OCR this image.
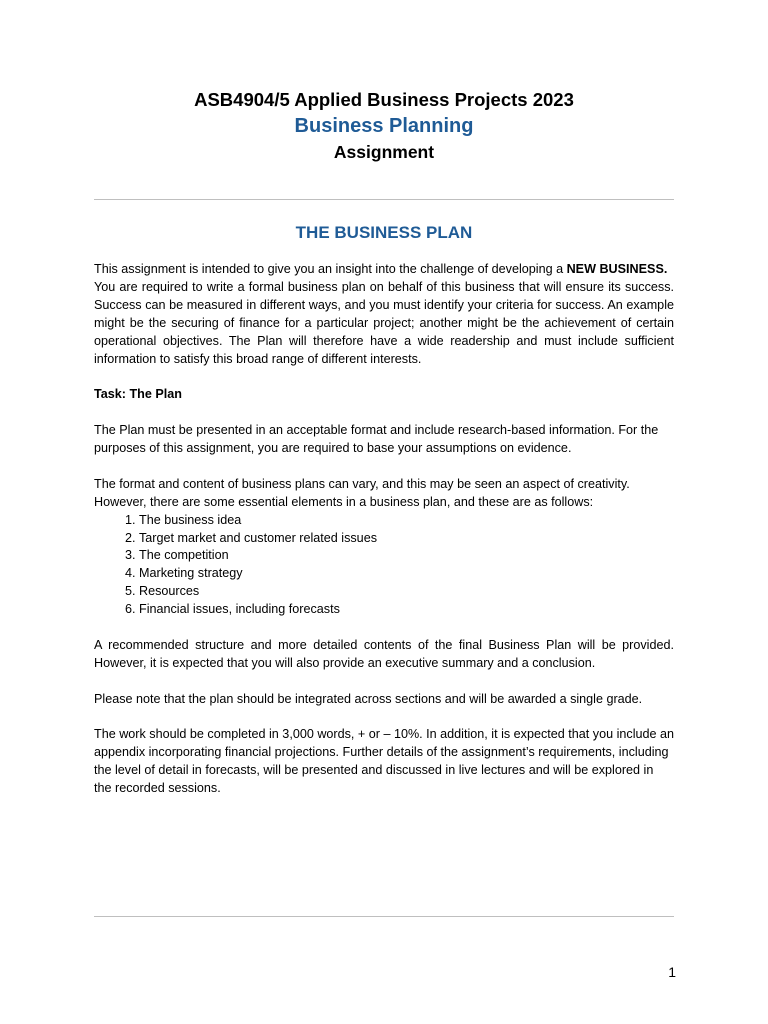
ASB4904/5 Applied Business Projects 2023

Business Planning

Assignment

THE BUSINESS PLAN

This assignment is intended to give you an insight into the challenge of developing a NEW BUSINESS.

You are required to write a formal business plan on behalf of this business that will ensure its success. Success can be measured in different ways, and you must identify your criteria for success. An example might be the securing of finance for a particular project; another might be the achievement of certain operational objectives. The Plan will therefore have a wide readership and must include sufficient information to satisfy this broad range of different interests.

Task: The Plan

The Plan must be presented in an acceptable format and include research-based information. For the purposes of this assignment, you are required to base your assumptions on evidence.

The format and content of business plans can vary, and this may be seen an aspect of creativity. However, there are some essential elements in a business plan, and these are as follows:

1. The business idea
2. Target market and customer related issues
3. The competition
4. Marketing strategy
5. Resources
6. Financial issues, including forecasts

A recommended structure and more detailed contents of the final Business Plan will be provided. However, it is expected that you will also provide an executive summary and a conclusion.

Please note that the plan should be integrated across sections and will be awarded a single grade.

The work should be completed in 3,000 words, + or – 10%. In addition, it is expected that you include an appendix incorporating financial projections. Further details of the assignment’s requirements, including the level of detail in forecasts, will be presented and discussed in live lectures and will be explored in the recorded sessions.

1
